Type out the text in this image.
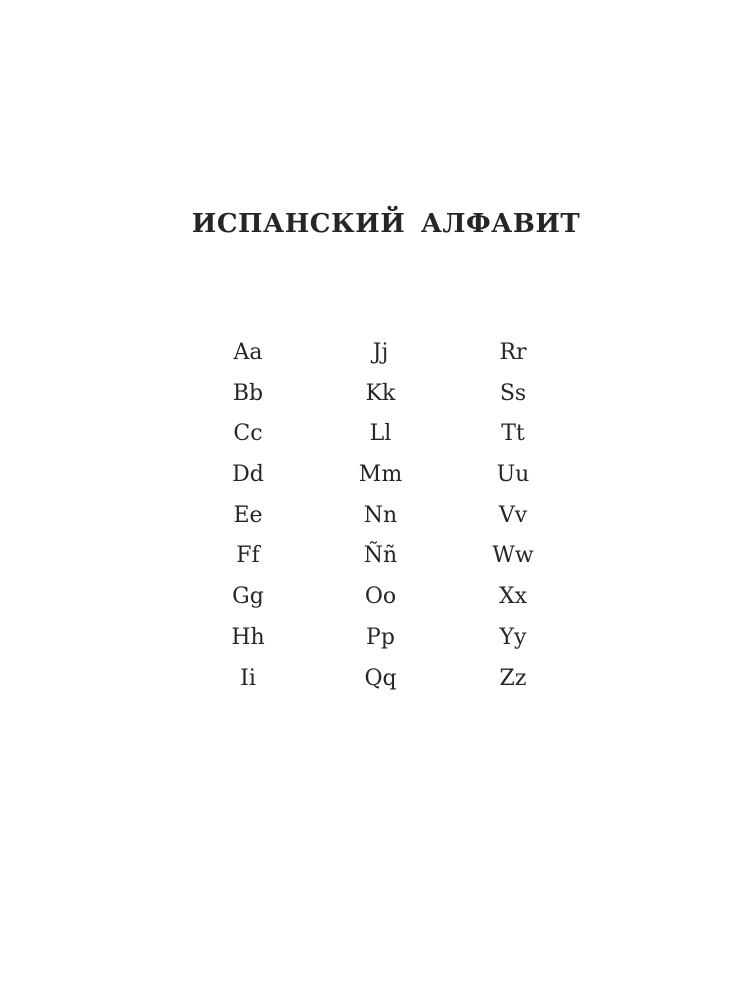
ИСПАНСКИЙ АЛФАВИТ
Aa
Bb
Cc
Dd
Ee
Ff
Gg
Hh
Ii
Jj
Kk
Ll
Mm
Nn
Ññ
Oo
Pp
Qq
Rr
Ss
Tt
Uu
Vv
Ww
Xx
Yy
Zz
